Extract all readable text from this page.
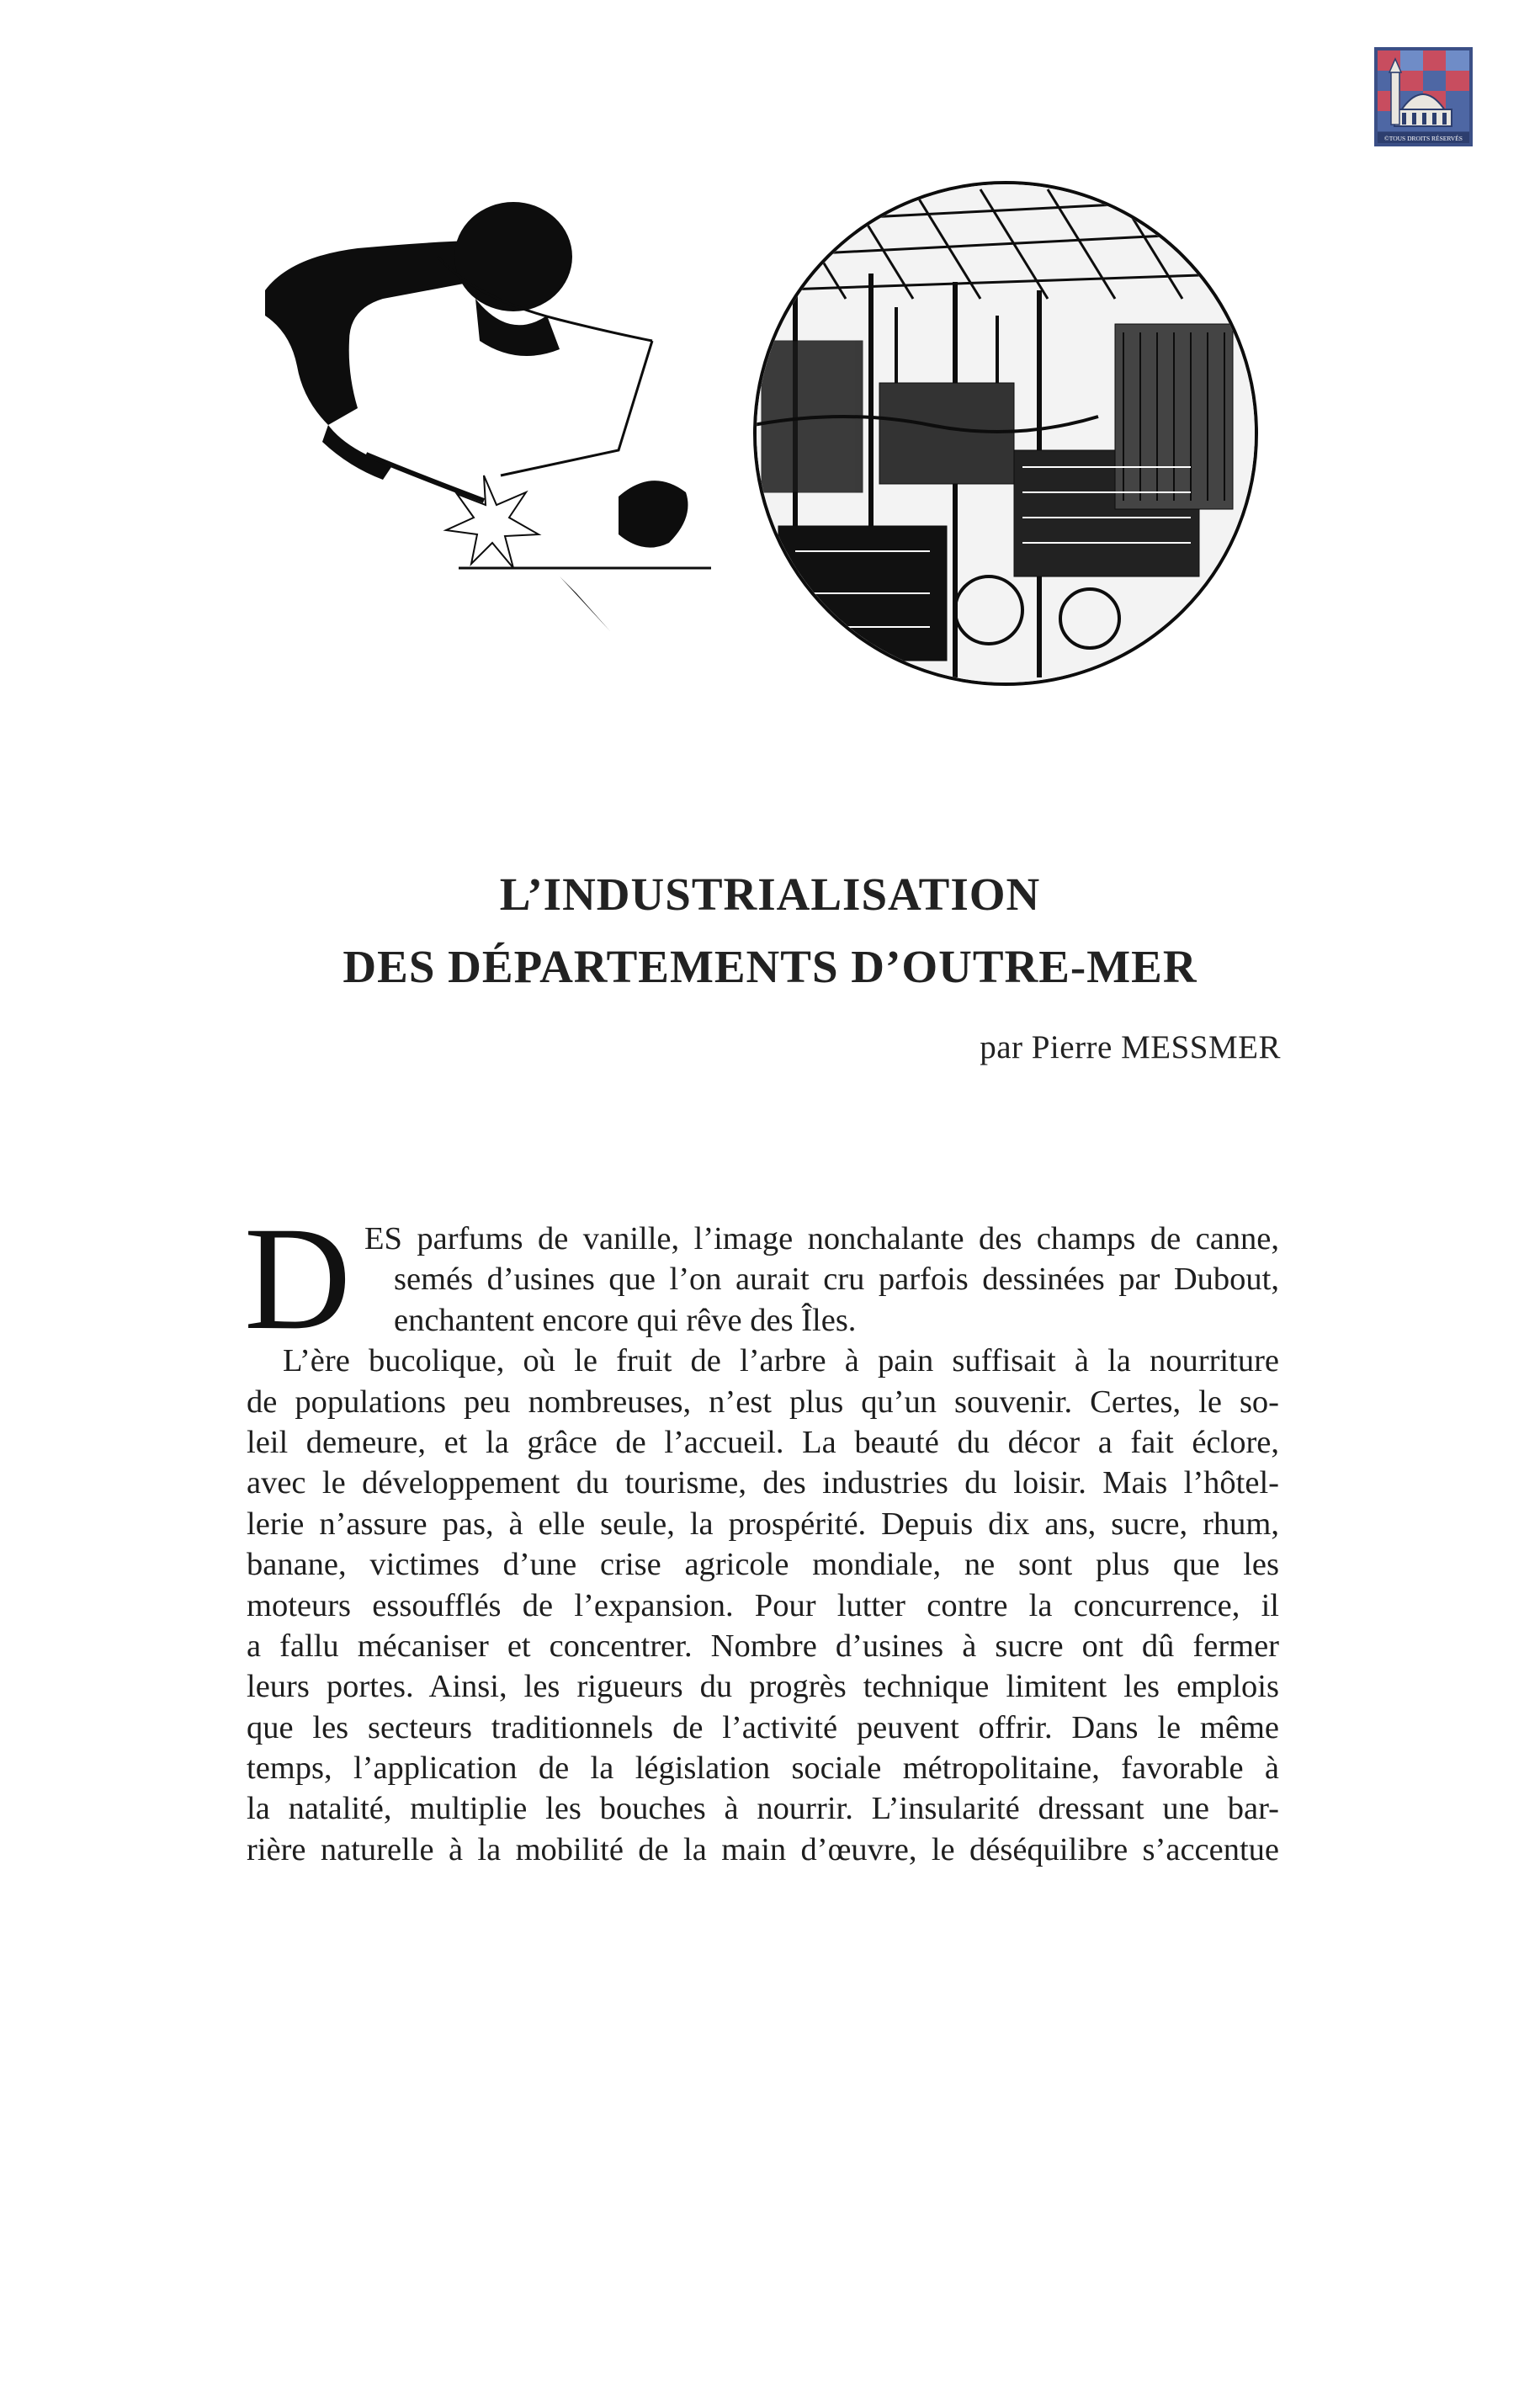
©TOUS DROITS RÉSERVÉS
L’INDUSTRIALISATION
DES DÉPARTEMENTS D’OUTRE-MER
par Pierre MESSMER
D ES parfums de vanille, l’image nonchalante des champs de canne,
semés d’usines que l’on aurait cru parfois dessinées par Dubout,
enchantent encore qui rêve des Îles.
L’ère bucolique, où le fruit de l’arbre à pain suffisait à la nourriture
de populations peu nombreuses, n’est plus qu’un souvenir. Certes, le so-
leil demeure, et la grâce de l’accueil. La beauté du décor a fait éclore,
avec le développement du tourisme, des industries du loisir. Mais l’hôtel-
lerie n’assure pas, à elle seule, la prospérité. Depuis dix ans, sucre, rhum,
banane, victimes d’une crise agricole mondiale, ne sont plus que les
moteurs essoufflés de l’expansion. Pour lutter contre la concurrence, il
a fallu mécaniser et concentrer. Nombre d’usines à sucre ont dû fermer
leurs portes. Ainsi, les rigueurs du progrès technique limitent les emplois
que les secteurs traditionnels de l’activité peuvent offrir. Dans le même
temps, l’application de la législation sociale métropolitaine, favorable à
la natalité, multiplie les bouches à nourrir. L’insularité dressant une bar-
rière naturelle à la mobilité de la main d’œuvre, le déséquilibre s’accentue
